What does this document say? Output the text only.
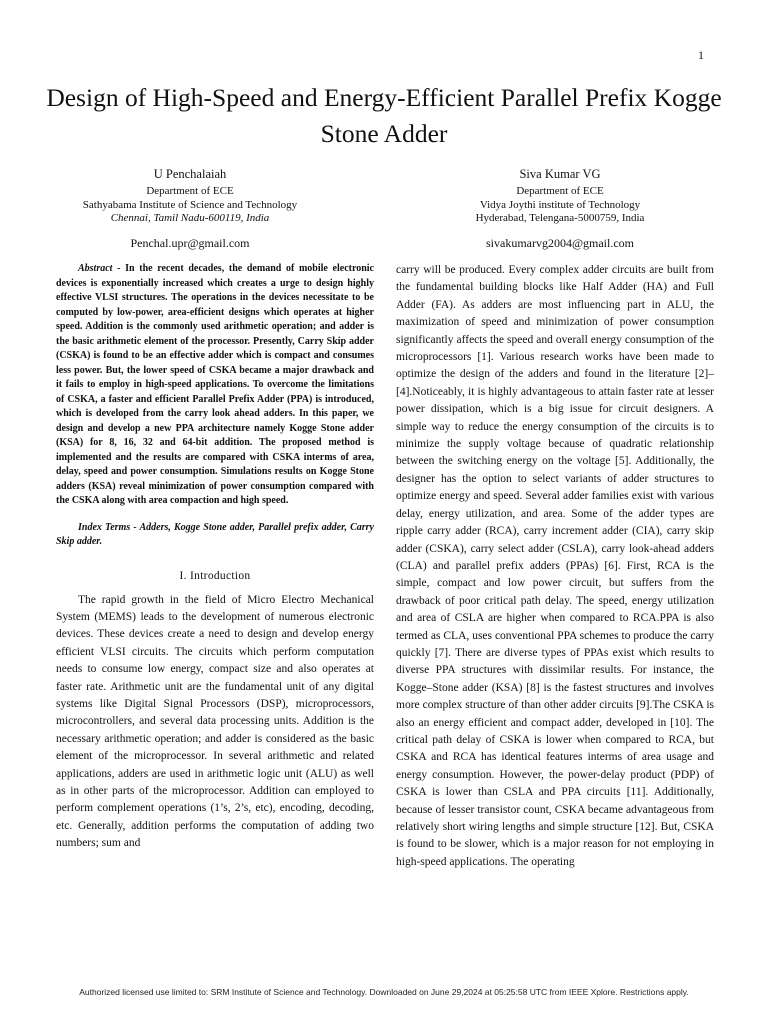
1
Design of High-Speed and Energy-Efficient Parallel Prefix Kogge Stone Adder
U Penchalaiah
Department of ECE
Sathyabama Institute of Science and Technology
Chennai, Tamil Nadu-600119, India
Penchal.upr@gmail.com
Siva Kumar VG
Department of ECE
Vidya Joythi institute of Technology
Hyderabad, Telengana-5000759, India
sivakumarvg2004@gmail.com

Abstract - In the recent decades, the demand of mobile electronic devices is exponentially increased which creates a urge to design highly effective VLSI structures. The operations in the devices necessitate to be computed by low-power, area-efficient designs which operates at higher speed. Addition is the commonly used arithmetic operation; and adder is the basic arithmetic element of the processor. Presently, Carry Skip adder (CSKA) is found to be an effective adder which is compact and consumes less power. But, the lower speed of CSKA became a major drawback and it fails to employ in high-speed applications. To overcome the limitations of CSKA, a faster and efficient Parallel Prefix Adder (PPA) is introduced, which is developed from the carry look ahead adders. In this paper, we design and develop a new PPA architecture namely Kogge Stone adder (KSA) for 8, 16, 32 and 64-bit addition. The proposed method is implemented and the results are compared with CSKA interms of area, delay, speed and power consumption. Simulations results on Kogge Stone adders (KSA) reveal minimization of power consumption compared with the CSKA along with area compaction and high speed.

Index Terms - Adders, Kogge Stone adder, Parallel prefix adder, Carry Skip adder.

I. Introduction

The rapid growth in the field of Micro Electro Mechanical System (MEMS) leads to the development of numerous electronic devices. These devices create a need to design and develop energy efficient VLSI circuits. The circuits which perform computation needs to consume low energy, compact size and also operates at faster rate. Arithmetic unit are the fundamental unit of any digital systems like Digital Signal Processors (DSP), microprocessors, microcontrollers, and several data processing units. Addition is the necessary arithmetic operation; and adder is considered as the basic element of the microprocessor. In several arithmetic and related applications, adders are used in arithmetic logic unit (ALU) as well as in other parts of the microprocessor. Addition can employed to perform complement operations (1’s, 2’s, etc), encoding, decoding, etc. Generally, addition performs the computation of adding two numbers; sum and

carry will be produced. Every complex adder circuits are built from the fundamental building blocks like Half Adder (HA) and Full Adder (FA). As adders are most influencing part in ALU, the maximization of speed and minimization of power consumption significantly affects the speed and overall energy consumption of the microprocessors [1]. Various research works have been made to optimize the design of the adders and found in the literature [2]–[4].Noticeably, it is highly advantageous to attain faster rate at lesser power dissipation, which is a big issue for circuit designers. A simple way to reduce the energy consumption of the circuits is to minimize the supply voltage because of quadratic relationship between the switching energy on the voltage [5]. Additionally, the designer has the option to select variants of adder structures to optimize energy and speed. Several adder families exist with various delay, energy utilization, and area. Some of the adder types are ripple carry adder (RCA), carry increment adder (CIA), carry skip adder (CSKA), carry select adder (CSLA), carry look-ahead adders (CLA) and parallel prefix adders (PPAs) [6]. First, RCA is the simple, compact and low power circuit, but suffers from the drawback of poor critical path delay. The speed, energy utilization and area of CSLA are higher when compared to RCA.PPA is also termed as CLA, uses conventional PPA schemes to produce the carry quickly [7]. There are diverse types of PPAs exist which results to diverse PPA structures with dissimilar results. For instance, the Kogge–Stone adder (KSA) [8] is the fastest structures and involves more complex structure of than other adder circuits [9].The CSKA is also an energy efficient and compact adder, developed in [10]. The critical path delay of CSKA is lower when compared to RCA, but CSKA and RCA has identical features interms of area usage and energy consumption. However, the power-delay product (PDP) of CSKA is lower than CSLA and PPA circuits [11]. Additionally, because of lesser transistor count, CSKA became advantageous from relatively short wiring lengths and simple structure [12]. But, CSKA is found to be slower, which is a major reason for not employing in high-speed applications. The operating

Authorized licensed use limited to: SRM Institute of Science and Technology. Downloaded on June 29,2024 at 05:25:58 UTC from IEEE Xplore. Restrictions apply.
